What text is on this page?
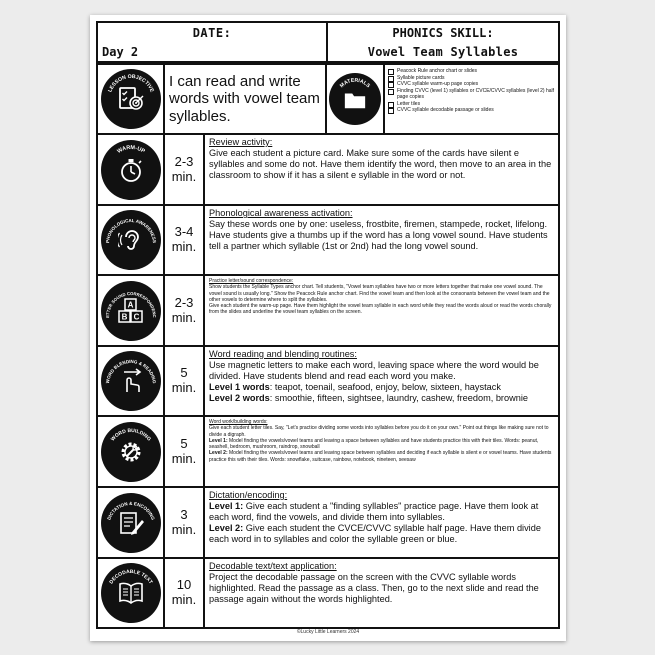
DATE:
Day 2
PHONICS SKILL:
Vowel Team Syllables
LESSON OBJECTIVE
I can read and write words with vowel team syllables.
MATERIALS
Peacock Rule anchor chart or slides
Syllable picture cards
CVVC syllable warm-up page copies
Finding CVVC (level 1) syllables or CVCE/CVVC syllables (level 2) half page copies
Letter tiles
CVVC syllable decodable passage or slides
WARM-UP
2-3
min.
Review activity:
Give each student a picture card. Make sure some of the cards have silent e syllables and some do not. Have them identify the word, then move to an area in the classroom to show if it has a silent e syllable in the word or not.
PHONOLOGICAL AWARENESS
3-4
min.
Phonological awareness activation:
Say these words one by one: useless, frostbite, firemen, stampede, rocket, lifelong.
Have students give a thumbs up if the word has a long vowel sound. Have students tell a partner which syllable (1st or 2nd) had the long vowel sound.
ETTER SOUND CORRESPONDENC
A
B C
2-3
min.
Practice letter/sound correspondence:
Show students the Syllable Types anchor chart. Tell students, "Vowel team syllables have two or more letters together that make one vowel sound. The vowel sound is usually long." Show the Peacock Rule anchor chart. Find the vowel team and then look at the consonants between the vowel team and the other vowels to determine where to split the syllables.
Give each student the warm-up page. Have them highlight the vowel team syllable in each word while they read the words aloud or read the words chorally from the slides and underline the vowel team syllables on the screen.
WORD BLENDING & READING
5
min.
Word reading and blending routines:
Use magnetic letters to make each word, leaving space where the word would be divided. Have students blend and read each word you make.
Level 1 words: teapot, toenail, seafood, enjoy, below, sixteen, haystack
Level 2 words: smoothie, fifteen, sightsee, laundry, cashew, freedom, brownie
WORD BUILDING 5
min.
Word work/building words:
Give each student letter tiles. Say, "Let's practice dividing some words into syllables before you do it on your own." Point out things like making sure not to divide a digraph.
Level 1: Model finding the vowels/vowel teams and leaving a space between syllables and have students practice this with their tiles. Words: peanut, seashell, bedroom, mushroom, raindrop, snowball
Level 2: Model finding the vowels/vowel teams and leaving space between syllables and deciding if each syllable is silent e or vowel teams. Have students practice this with their tiles. Words: snowflake, suitcase, rainbow, notebook, nineteen, seesaw
DICTATION & ENCODING 3
min.
Dictation/encoding:
Level 1: Give each student a "finding syllables" practice page. Have them look at each word, find the vowels, and divide them into syllables.
Level 2: Give each student the CVCE/CVVC syllable half page. Have them divide each word in to syllables and color the syllable green or blue.
DECODABLE TEXT 10
min.
Decodable text/text application:
Project the decodable passage on the screen with the CVVC syllable words highlighted. Read the passage as a class. Then, go to the next slide and read the passage again without the words highlighted.
©Lucky Little Learners 2024
